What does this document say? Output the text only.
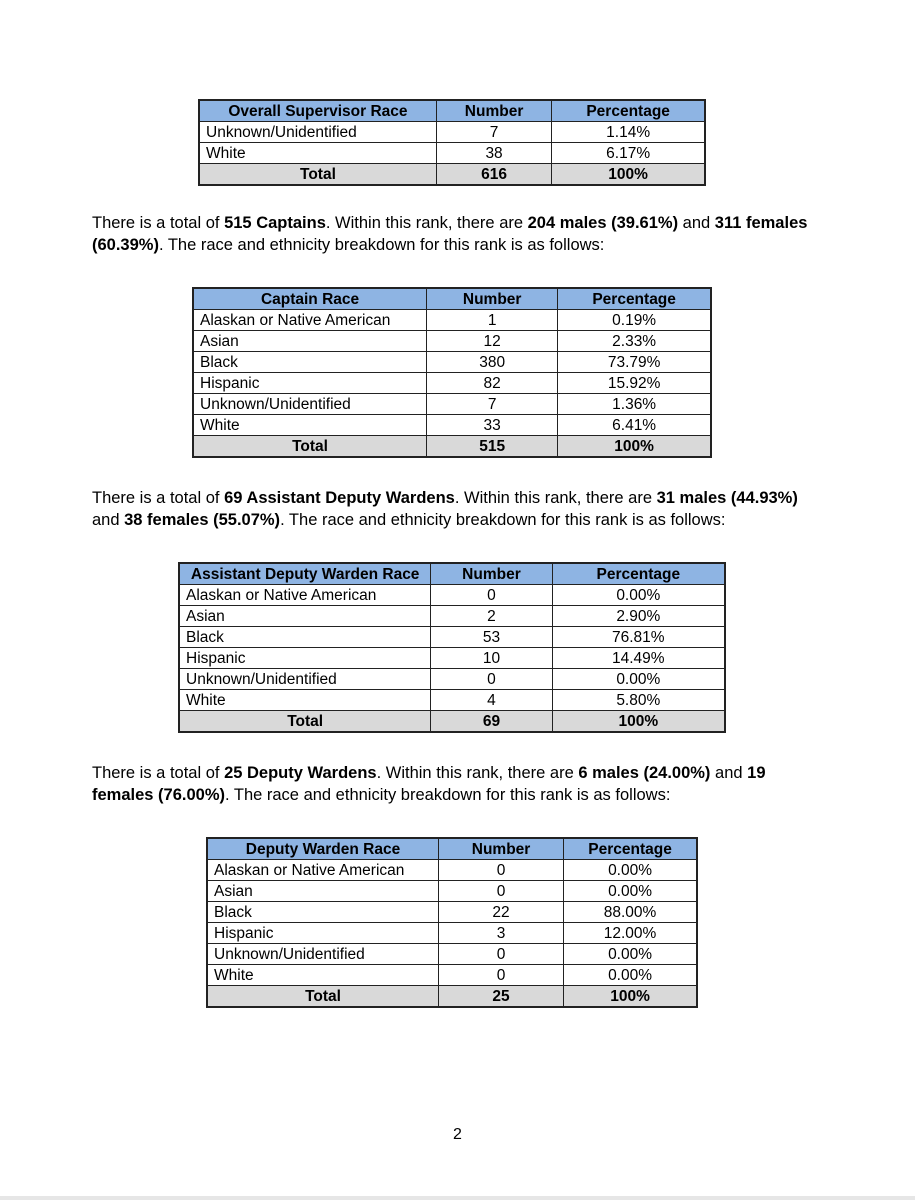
Overall Supervisor Race	Number	Percentage
Unknown/Unidentified	7	1.14%
White	38	6.17%
Total	616	100%

There is a total of 515 Captains. Within this rank, there are 204 males (39.61%) and 311 females (60.39%). The race and ethnicity breakdown for this rank is as follows:

Captain Race	Number	Percentage
Alaskan or Native American	1	0.19%
Asian	12	2.33%
Black	380	73.79%
Hispanic	82	15.92%
Unknown/Unidentified	7	1.36%
White	33	6.41%
Total	515	100%

There is a total of 69 Assistant Deputy Wardens. Within this rank, there are 31 males (44.93%) and 38 females (55.07%). The race and ethnicity breakdown for this rank is as follows:

Assistant Deputy Warden Race	Number	Percentage
Alaskan or Native American	0	0.00%
Asian	2	2.90%
Black	53	76.81%
Hispanic	10	14.49%
Unknown/Unidentified	0	0.00%
White	4	5.80%
Total	69	100%

There is a total of 25 Deputy Wardens. Within this rank, there are 6 males (24.00%) and 19 females (76.00%). The race and ethnicity breakdown for this rank is as follows:

Deputy Warden Race	Number	Percentage
Alaskan or Native American	0	0.00%
Asian	0	0.00%
Black	22	88.00%
Hispanic	3	12.00%
Unknown/Unidentified	0	0.00%
White	0	0.00%
Total	25	100%
2
